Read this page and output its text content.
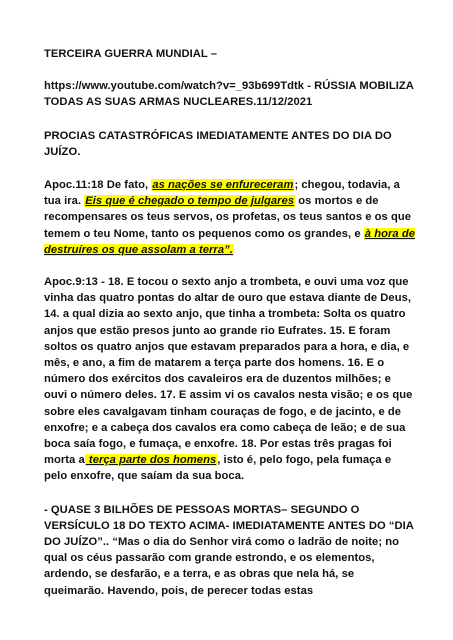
TERCEIRA GUERRA MUNDIAL –

https://www.youtube.com/watch?v=_93b699Tdtk - RÚSSIA MOBILIZA TODAS AS SUAS ARMAS NUCLEARES.11/12/2021

PROCIAS CATASTRÓFICAS IMEDIATAMENTE ANTES DO DIA DO JUÍZO.

Apoc.11:18 De fato, as nações se enfureceram; chegou, todavia, a tua ira. Eis que é chegado o tempo de julgares os mortos e de recompensares os teus servos, os profetas, os teus santos e os que temem o teu Nome, tanto os pequenos como os grandes, e à hora de destruíres os que assolam a terra”.

Apoc.9:13 - 18. E tocou o sexto anjo a trombeta, e ouvi uma voz que vinha das quatro pontas do altar de ouro que estava diante de Deus, 14. a qual dizia ao sexto anjo, que tinha a trombeta: Solta os quatro anjos que estão presos junto ao grande rio Eufrates. 15. E foram soltos os quatro anjos que estavam preparados para a hora, e dia, e mês, e ano, a fim de matarem a terça parte dos homens. 16. E o número dos exércitos dos cavaleiros era de duzentos milhões; e ouvi o número deles. 17. E assim vi os cavalos nesta visão; e os que sobre eles cavalgavam tinham couraças de fogo, e de jacinto, e de enxofre; e a cabeça dos cavalos era como cabeça de leão; e de sua boca saía fogo, e fumaça, e enxofre. 18. Por estas três pragas foi morta a terça parte dos homens, isto é, pelo fogo, pela fumaça e pelo enxofre, que saíam da sua boca.

- QUASE 3 BILHÕES DE PESSOAS MORTAS– SEGUNDO O VERSÍCULO 18 DO TEXTO ACIMA- IMEDIATAMENTE ANTES DO “DIA DO JUÍZO”.. “Mas o dia do Senhor virá como o ladrão de noite; no qual os céus passarão com grande estrondo, e os elementos, ardendo, se desfarão, e a terra, e as obras que nela há, se queimarão. Havendo, pois, de perecer todas estas
